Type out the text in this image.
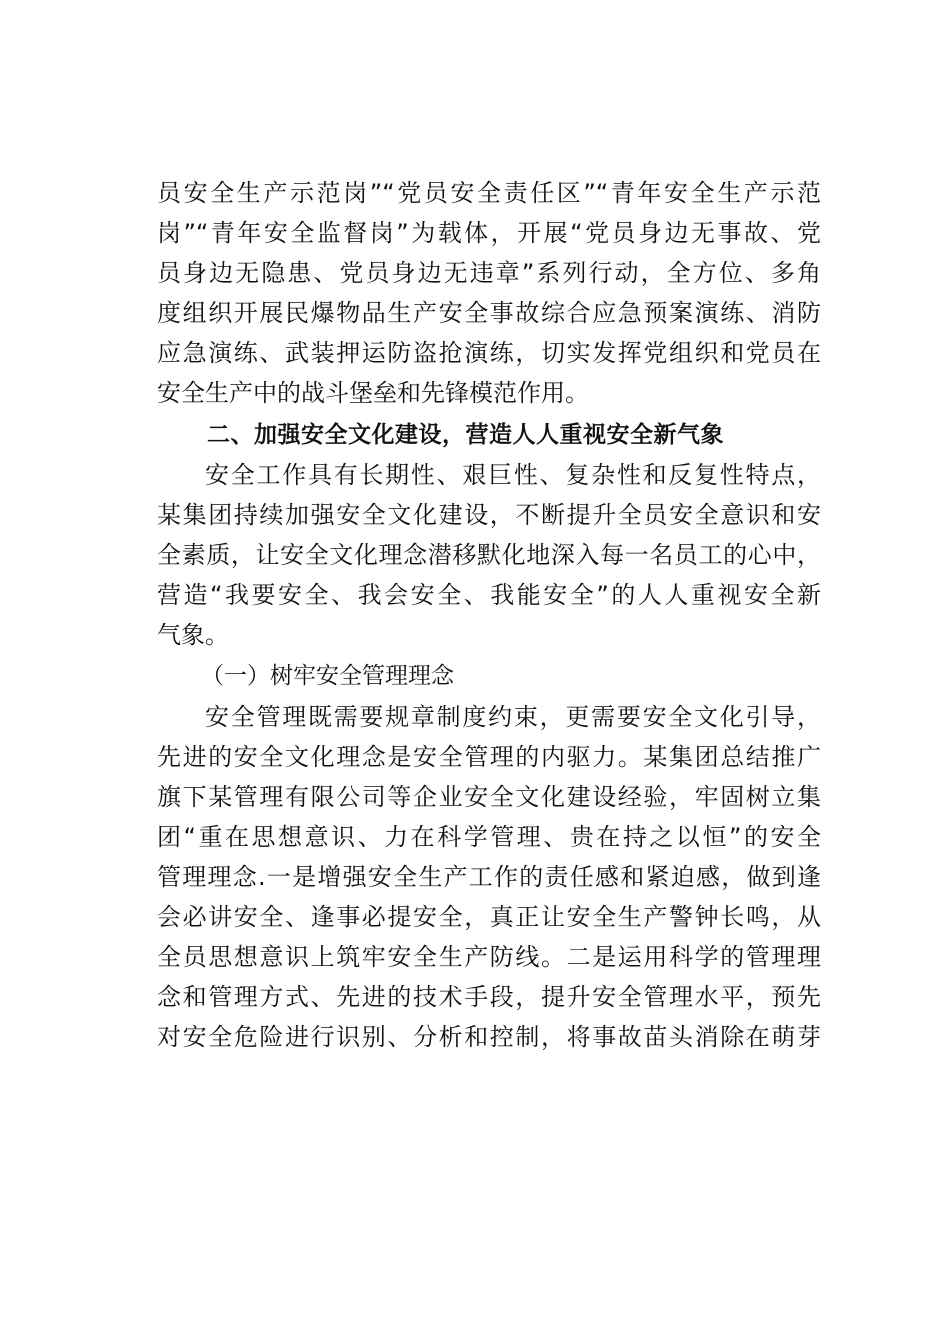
员安全生产示范岗”“党员安全责任区”“青年安全生产示范
岗”“青年安全监督岗”为载体，开展“党员身边无事故、党
员身边无隐患、党员身边无违章”系列行动，全方位、多角
度组织开展民爆物品生产安全事故综合应急预案演练、消防
应急演练、武装押运防盗抢演练，切实发挥党组织和党员在
安全生产中的战斗堡垒和先锋模范作用。
二、加强安全文化建设，营造人人重视安全新气象
安全工作具有长期性、艰巨性、复杂性和反复性特点，
某集团持续加强安全文化建设，不断提升全员安全意识和安
全素质，让安全文化理念潜移默化地深入每一名员工的心中，
营造“我要安全、我会安全、我能安全”的人人重视安全新
气象。
（一）树牢安全管理理念
安全管理既需要规章制度约束，更需要安全文化引导，
先进的安全文化理念是安全管理的内驱力。某集团总结推广
旗下某管理有限公司等企业安全文化建设经验，牢固树立集
团“重在思想意识、力在科学管理、贵在持之以恒”的安全
管理理念.一是增强安全生产工作的责任感和紧迫感，做到逢
会必讲安全、逢事必提安全，真正让安全生产警钟长鸣，从
全员思想意识上筑牢安全生产防线。二是运用科学的管理理
念和管理方式、先进的技术手段，提升安全管理水平，预先
对安全危险进行识别、分析和控制，将事故苗头消除在萌芽
